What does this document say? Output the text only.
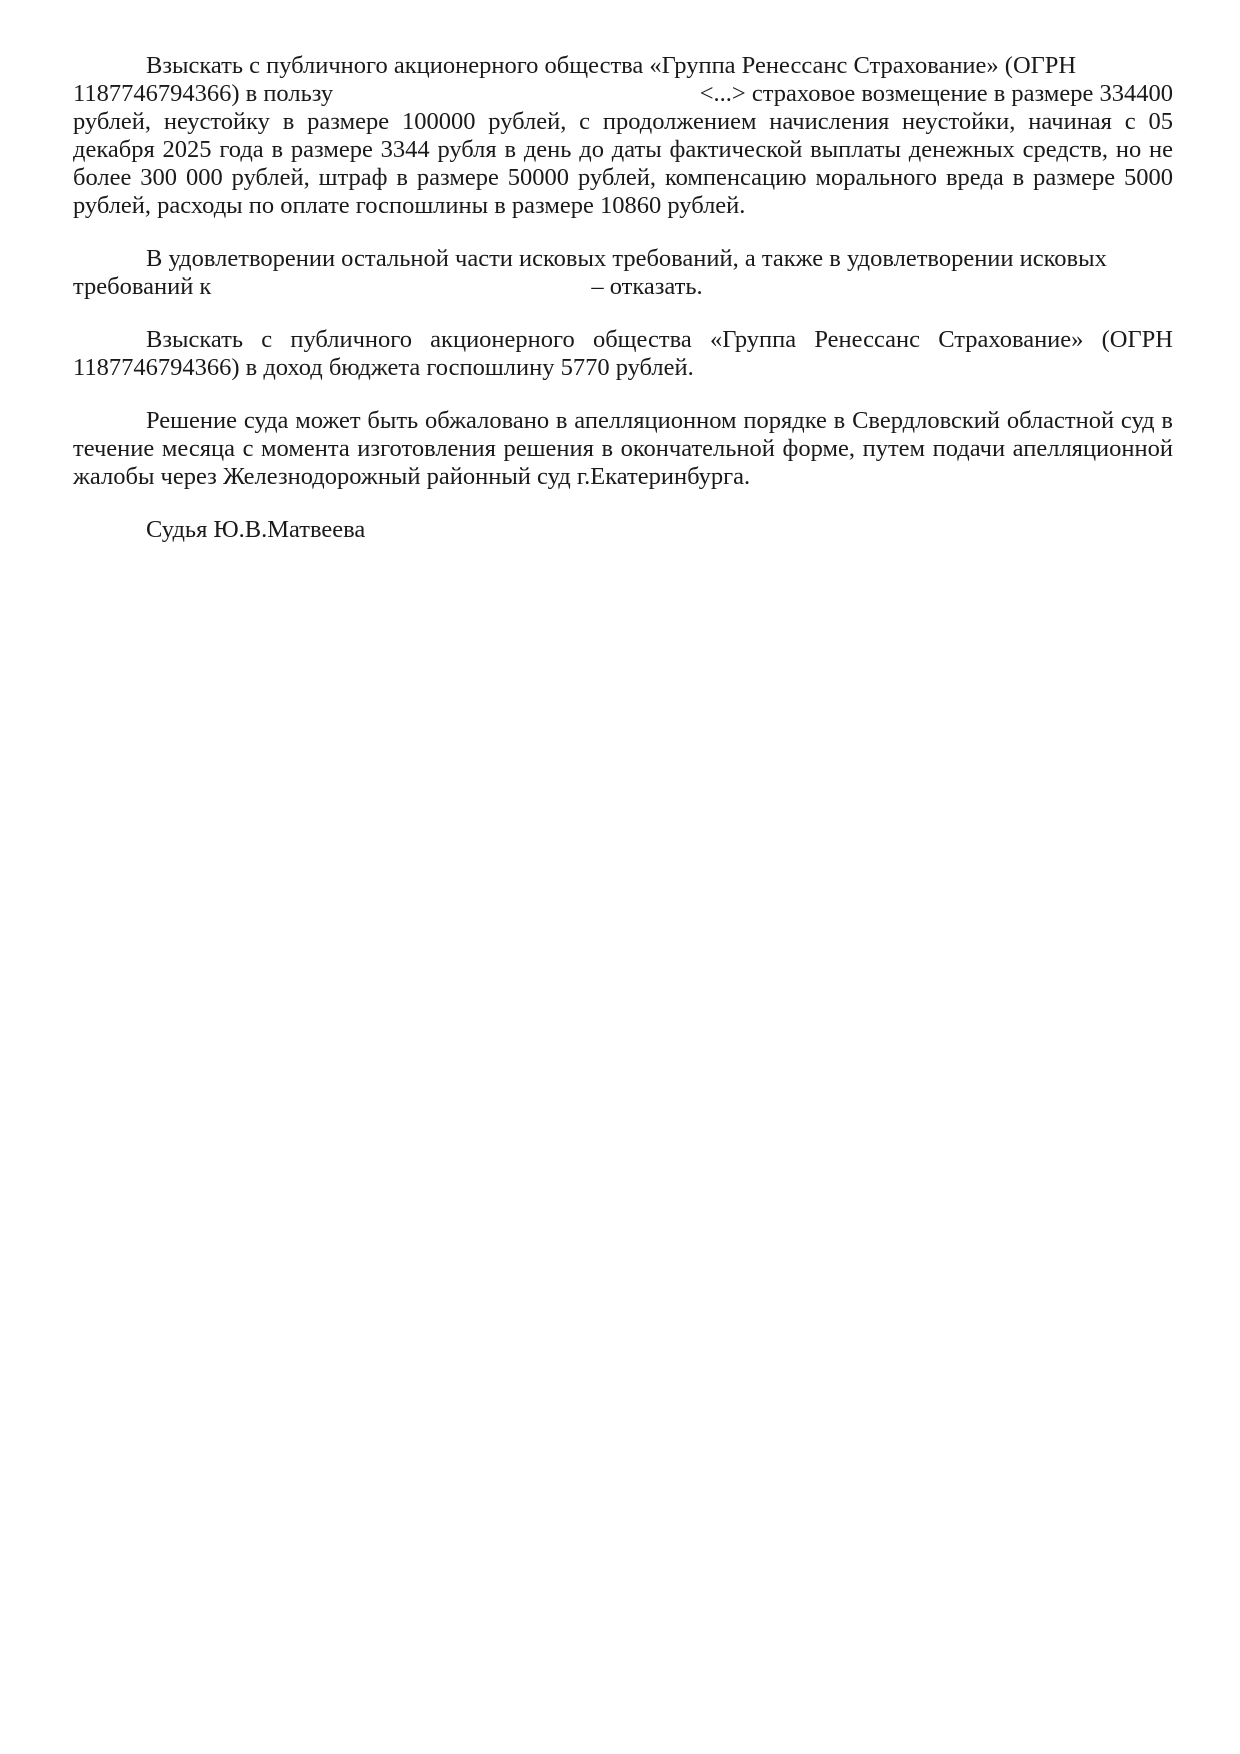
Взыскать с публичного акционерного общества «Группа Ренессанс Страхование» (ОГРН
1187746794366) в пользу	<...> страховое возмещение в размере 334400
рублей, неустойку в размере 100000 рублей, с продолжением начисления неустойки, начиная с 05 декабря 2025 года в размере 3344 рубля в день до даты фактической выплаты денежных средств, но не более 300 000 рублей, штраф в размере 50000 рублей, компенсацию морального вреда в размере 5000 рублей, расходы по оплате госпошлины в размере 10860 рублей.
В удовлетворении остальной части исковых требований, а также в удовлетворении исковых
требований к	– отказать.
Взыскать с публичного акционерного общества «Группа Ренессанс Страхование» (ОГРН 1187746794366) в доход бюджета госпошлину 5770 рублей.
Решение суда может быть обжаловано в апелляционном порядке в Свердловский областной суд в течение месяца с момента изготовления решения в окончательной форме, путем подачи апелляционной жалобы через Железнодорожный районный суд г.Екатеринбурга.
Судья Ю.В.Матвеева
